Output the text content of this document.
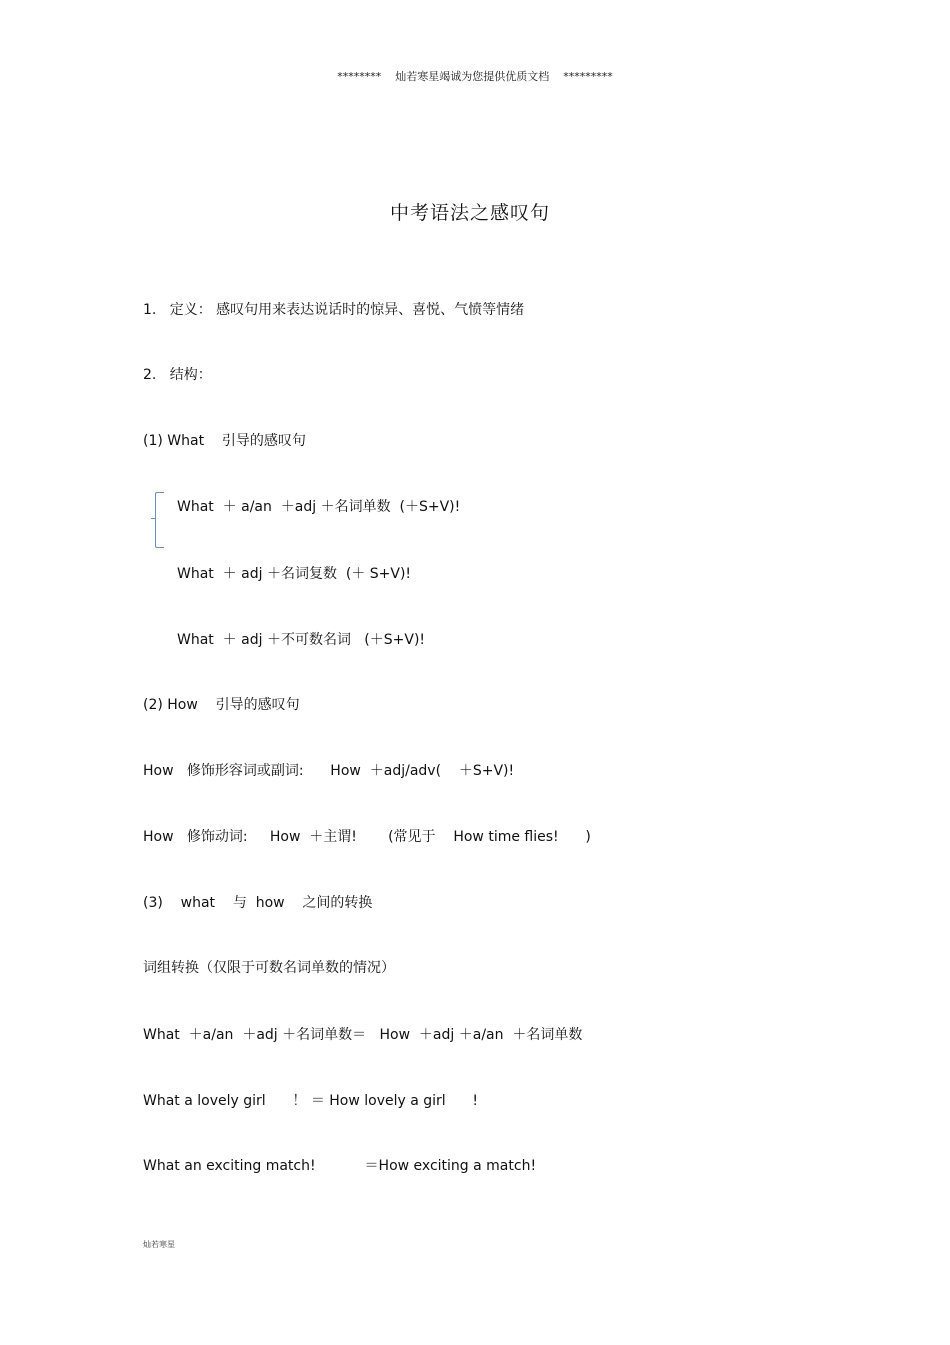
********    灿若寒星竭诚为您提供优质文档    *********
中考语法之感叹句
1.   定义： 感叹句用来表达说话时的惊异、喜悦、气愤等情绪
2.   结构：
(1) What    引导的感叹句
What  ＋ a/an  ＋adj ＋名词单数  (＋S+V)!
What  ＋ adj ＋名词复数  (＋ S+V)!
What  ＋ adj ＋不可数名词   (＋S+V)!
(2) How    引导的感叹句
How   修饰形容词或副词:      How  ＋adj/adv(    ＋S+V)!
How   修饰动词:     How  ＋主谓!       (常见于    How time flies!      )
(3)    what    与  how    之间的转换
词组转换（仅限于可数名词单数的情况）
What  ＋a/an  ＋adj ＋名词单数＝   How  ＋adj ＋a/an  ＋名词单数
What a lovely girl      ！ ＝ How lovely a girl      !
What an exciting match!           ＝How exciting a match!
灿若寒星
